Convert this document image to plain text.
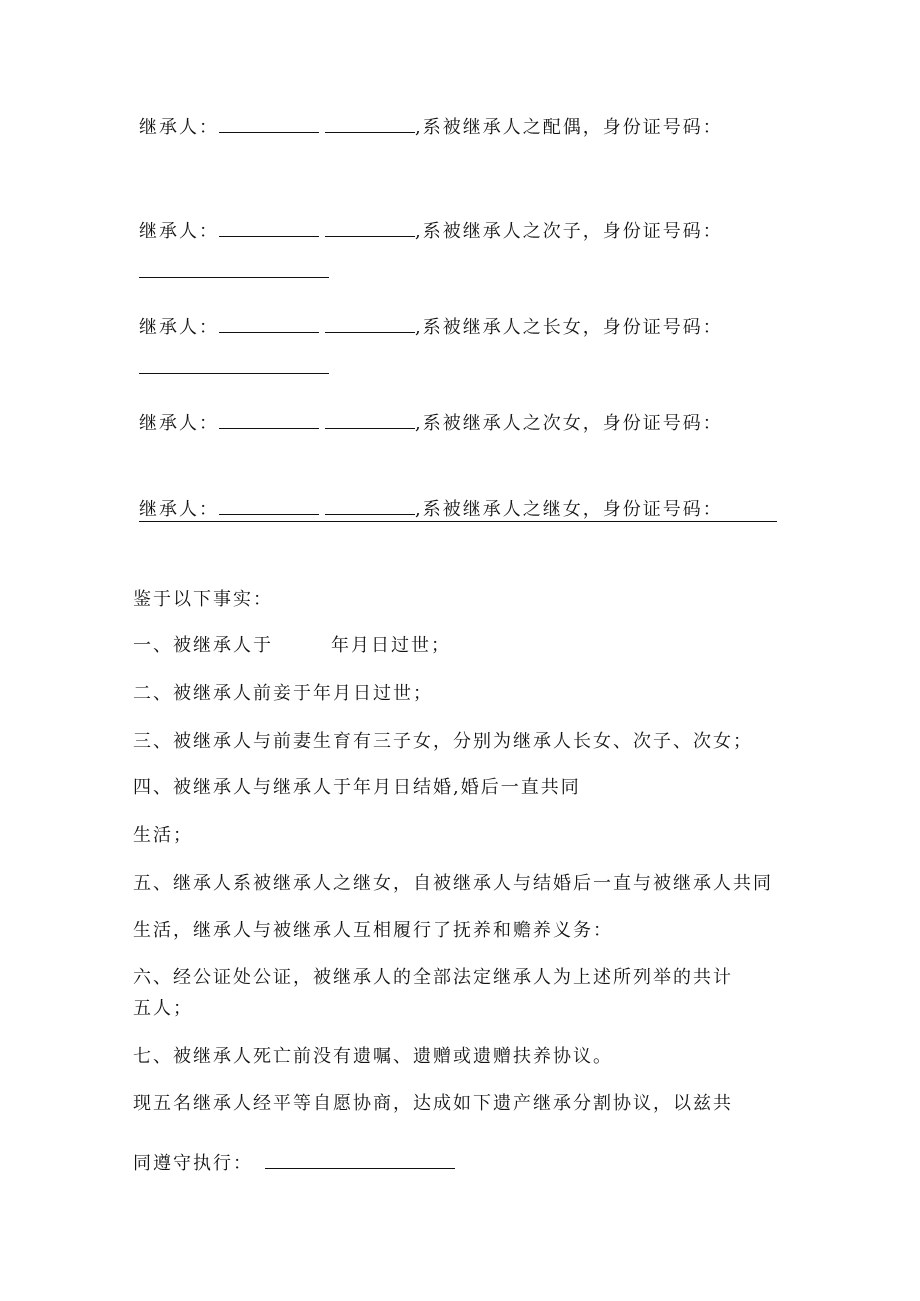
继承人：	,系被继承人之配偶，身份证号码：
继承人：	,系被继承人之次子，身份证号码：
继承人：	,系被继承人之长女，身份证号码：
继承人：	,系被继承人之次女，身份证号码：
继承人：	,系被继承人之继女，身份证号码：
鉴于以下事实：
一、被继承人于	年月日过世；
二、被继承人前妾于年月日过世；
三、被继承人与前妻生育有三子女，分别为继承人长女、次子、次女；
四、被继承人与继承人于年月日结婚,婚后一直共同
生活；
五、继承人系被继承人之继女，自被继承人与结婚后一直与被继承人共同
生活，继承人与被继承人互相履行了抚养和赡养义务：
六、经公证处公证，被继承人的全部法定继承人为上述所列举的共计
五人；
七、被继承人死亡前没有遗嘱、遗赠或遗赠扶养协议。
现五名继承人经平等自愿协商，达成如下遗产继承分割协议，以兹共
同遵守执行：
